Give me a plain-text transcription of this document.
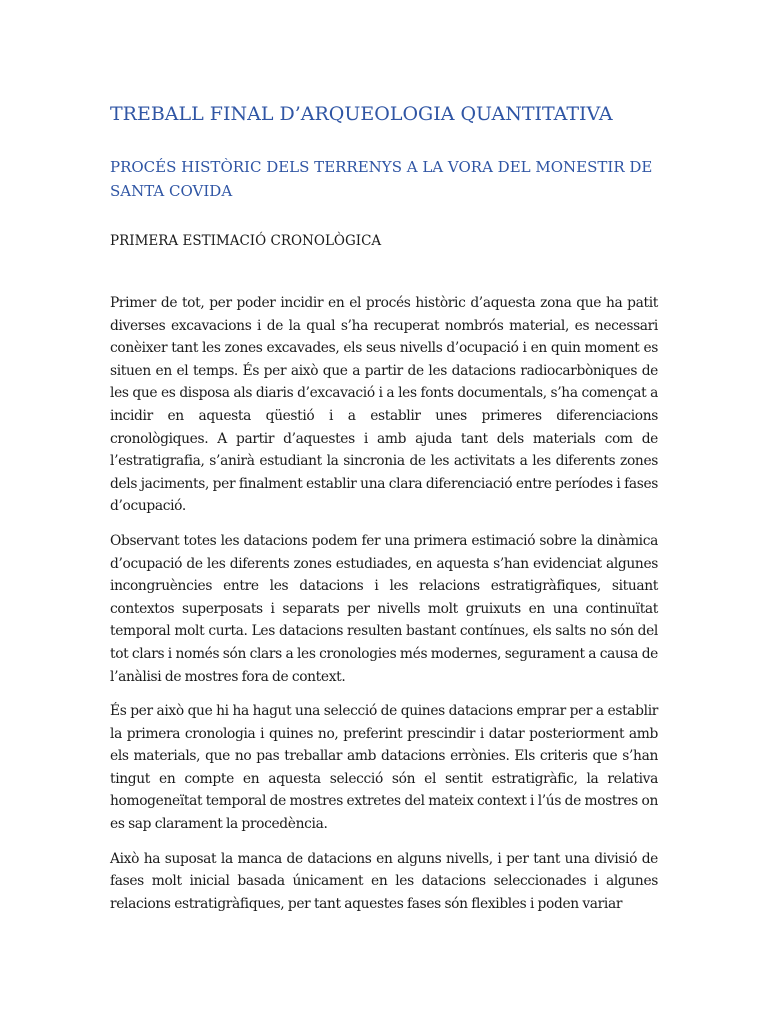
TREBALL FINAL D’ARQUEOLOGIA QUANTITATIVA
PROCÉS HISTÒRIC DELS TERRENYS A LA VORA DEL MONESTIR DE SANTA COVIDA
PRIMERA ESTIMACIÓ CRONOLÒGICA

Primer de tot, per poder incidir en el procés històric d’aquesta zona que ha patit diverses excavacions i de la qual s’ha recuperat nombrós material, es necessari conèixer tant les zones excavades, els seus nivells d’ocupació i en quin moment es situen en el temps. És per això que a partir de les datacions radiocarbòniques de les que es disposa als diaris d’excavació i a les fonts documentals, s’ha començat a incidir en aquesta qüestió i a establir unes primeres diferenciacions cronològiques. A partir d’aquestes i amb ajuda tant dels materials com de l’estratigrafia, s’anirà estudiant la sincronia de les activitats a les diferents zones dels jaciments, per finalment establir una clara diferenciació entre períodes i fases d’ocupació.

Observant totes les datacions podem fer una primera estimació sobre la dinàmica d’ocupació de les diferents zones estudiades, en aquesta s’han evidenciat algunes incongruències entre les datacions i les relacions estratigràfiques, situant contextos superposats i separats per nivells molt gruixuts en una continuïtat temporal molt curta. Les datacions resulten bastant contínues, els salts no són del tot clars i només són clars a les cronologies més modernes, segurament a causa de l’anàlisi de mostres fora de context.

És per això que hi ha hagut una selecció de quines datacions emprar per a establir la primera cronologia i quines no, preferint prescindir i datar posteriorment amb els materials, que no pas treballar amb datacions errònies. Els criteris que s’han tingut en compte en aquesta selecció són el sentit estratigràfic, la relativa homogeneïtat temporal de mostres extretes del mateix context i l’ús de mostres on es sap clarament la procedència.

Això ha suposat la manca de datacions en alguns nivells, i per tant una divisió de fases molt inicial basada únicament en les datacions seleccionades i algunes relacions estratigràfiques, per tant aquestes fases són flexibles i poden variar
